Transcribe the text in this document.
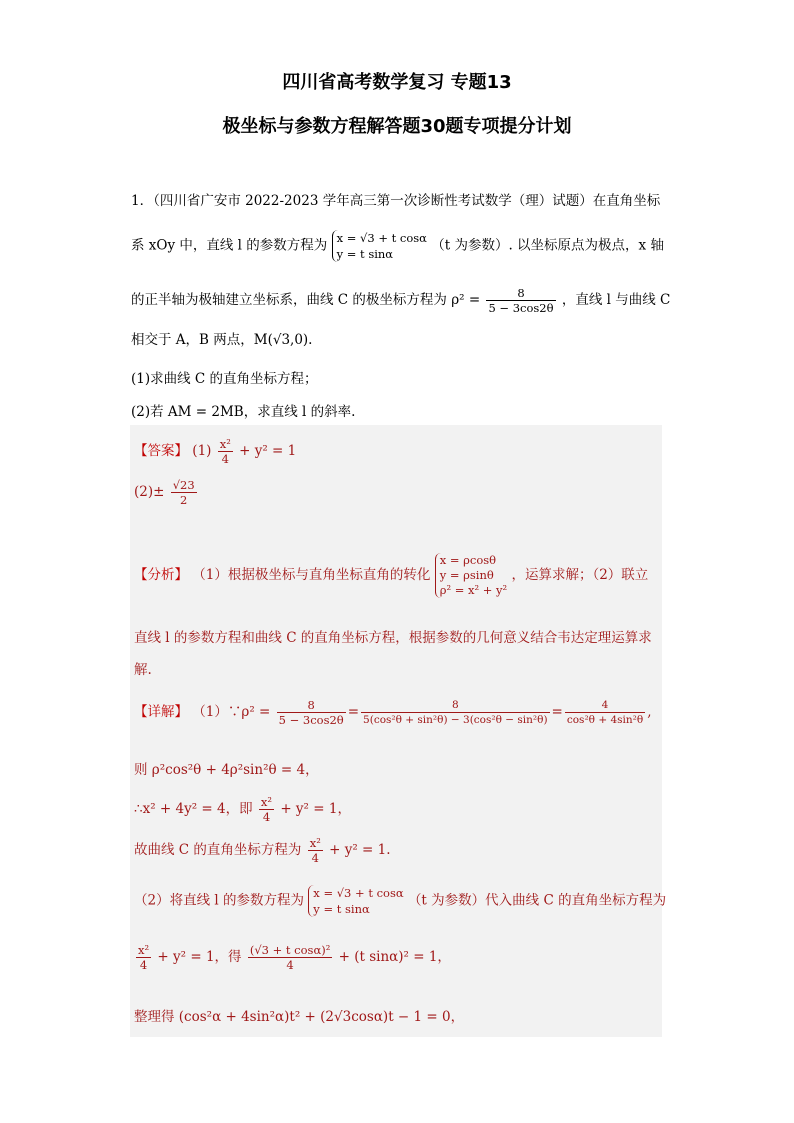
四川省高考数学复习 专题13
极坐标与参数方程解答题30题专项提分计划
1．（四川省广安市 2022-2023 学年高三第一次诊断性考试数学（理）试题）在直角坐标
系 xOy 中，直线 l 的参数方程为 x = √3 + t cosα
y = t sinα
（t 为参数）. 以坐标原点为极点，x 轴
的正半轴为极轴建立坐标系，曲线 C 的极坐标方程为 $\rho^2 = \frac{8}{5 - 3\cos 2\theta}$ ，直线 l 与曲线 C
相交于 A，B 两点，M(√3,0).
(1)求曲线 C 的直角坐标方程；
(2)若 AM = 2MB，求直线 l 的斜率.
【答案】 $(1) \frac{\text{x²}}{4} + y^2 = 1$
$(2)\pm \frac{√23}{2}$
【分析】 （1）根据极坐标与直角坐标直角的转化
x = ρcosθ
y = ρsinθ
ρ² = x² + y²
，运算求解；（2）联立
直线 l 的参数方程和曲线 C 的直角坐标方程，根据参数的几何意义结合韦达定理运算求
解.
【详解】 （1）∵ρ² = $\frac{8}{5 - 3\cos 2\theta} = \frac{8}{\text{5(cos²θ + sin²θ) − 3(cos²θ − sin²θ)}} = \frac{4}{\text{cos²θ + 4sin²θ}}$ ,
则 ρ²cos²θ + 4ρ²sin²θ = 4，
∴x² + 4y² = 4，即 $\frac{\text{x²}}{4} + y^2 = 1$，
故曲线 C 的直角坐标方程为 $\frac{\text{x²}}{4} + y^2 = 1$.
（2）将直线 l 的参数方程为 x = √3 + t cosα
y = t sinα
（t 为参数）代入曲线 C 的直角坐标方程为
$\frac{\text{x²}}{4} + y^2 = 1$，得 $\frac{\text{(√3 + t cosα)²}}{4} + (t$ sinα)² = 1，
整理得 (cos²α + 4sin²α)t² + (2√3cosα)t − 1 = 0，
